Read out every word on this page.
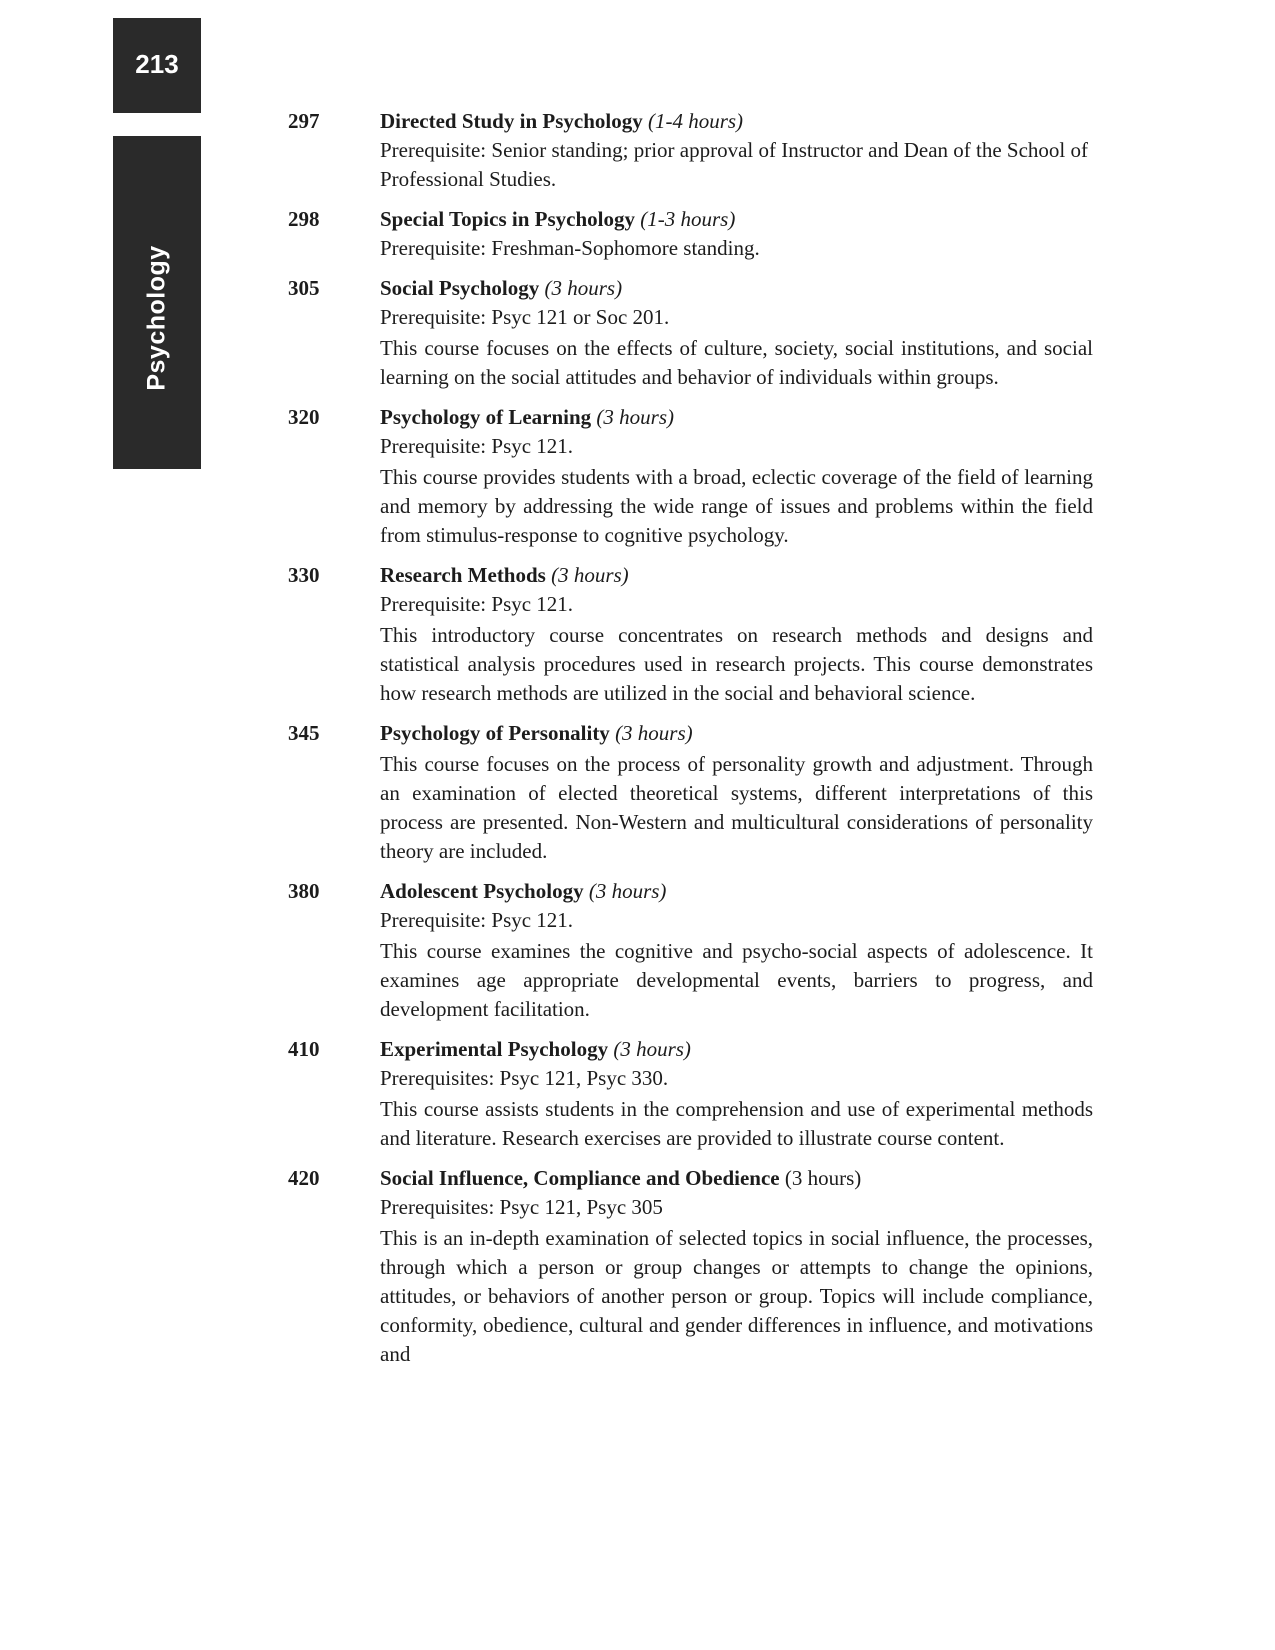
213
Psychology
297	Directed Study in Psychology (1-4 hours)
Prerequisite: Senior standing; prior approval of Instructor and Dean of the School of Professional Studies.
298	Special Topics in Psychology (1-3 hours)
Prerequisite: Freshman-Sophomore standing.
305	Social Psychology (3 hours)
Prerequisite: Psyc 121 or Soc 201.
This course focuses on the effects of culture, society, social institutions, and social learning on the social attitudes and behavior of individuals within groups.
320	Psychology of Learning (3 hours)
Prerequisite: Psyc 121.
This course provides students with a broad, eclectic coverage of the field of learning and memory by addressing the wide range of issues and problems within the field from stimulus-response to cognitive psychology.
330	Research Methods (3 hours)
Prerequisite: Psyc 121.
This introductory course concentrates on research methods and designs and statistical analysis procedures used in research projects. This course demonstrates how research methods are utilized in the social and behavioral science.
345	Psychology of Personality (3 hours)
This course focuses on the process of personality growth and adjustment. Through an examination of elected theoretical systems, different interpretations of this process are presented. Non-Western and multicultural considerations of personality theory are included.
380	Adolescent Psychology (3 hours)
Prerequisite: Psyc 121.
This course examines the cognitive and psycho-social aspects of adolescence. It examines age appropriate developmental events, barriers to progress, and development facilitation.
410	Experimental Psychology (3 hours)
Prerequisites: Psyc 121, Psyc 330.
This course assists students in the comprehension and use of experimental methods and literature. Research exercises are provided to illustrate course content.
420	Social Influence, Compliance and Obedience (3 hours)
Prerequisites: Psyc 121, Psyc 305
This is an in-depth examination of selected topics in social influence, the processes, through which a person or group changes or attempts to change the opinions, attitudes, or behaviors of another person or group. Topics will include compliance, conformity, obedience, cultural and gender differences in influence, and motivations and
